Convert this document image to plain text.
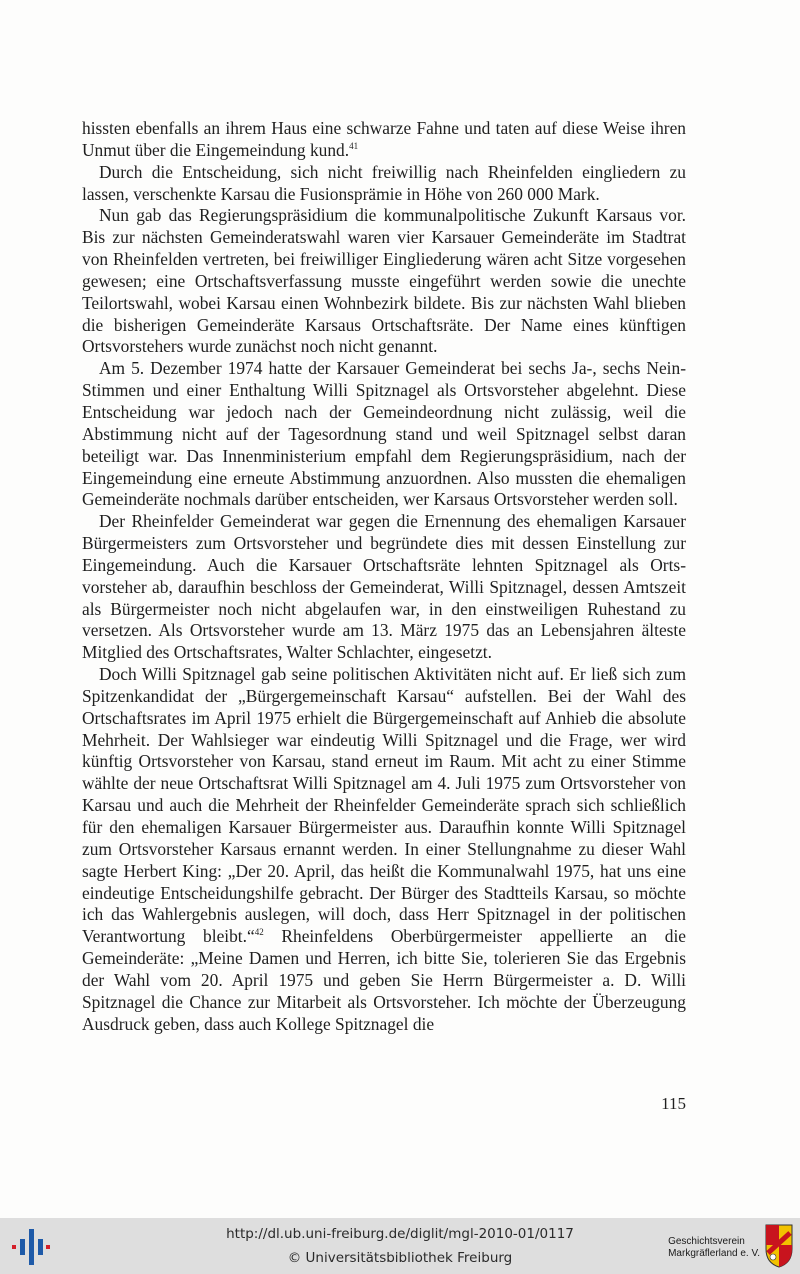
hissten ebenfalls an ihrem Haus eine schwarze Fahne und taten auf diese Weise ihren Unmut über die Eingemeindung kund.$^{41}$

Durch die Entscheidung, sich nicht freiwillig nach Rheinfelden eingliedern zu lassen, verschenkte Karsau die Fusionsprämie in Höhe von 260 000 Mark.

Nun gab das Regierungspräsidium die kommunalpolitische Zukunft Karsaus vor. Bis zur nächsten Gemeinderatswahl waren vier Karsauer Gemeinderäte im Stadtrat von Rheinfelden vertreten, bei freiwilliger Eingliederung wären acht Sitze vorgesehen gewesen; eine Ortschaftsverfassung musste eingeführt werden sowie die unechte Teilortswahl, wobei Karsau einen Wohnbezirk bildete. Bis zur nächsten Wahl blieben die bisherigen Gemeinderäte Karsaus Ortschaftsräte. Der Name eines künftigen Ortsvorstehers wurde zunächst noch nicht genannt.

Am 5. Dezember 1974 hatte der Karsauer Gemeinderat bei sechs Ja-, sechs Nein-Stimmen und einer Enthaltung Willi Spitznagel als Ortsvorsteher abgelehnt. Diese Entscheidung war jedoch nach der Gemeindeordnung nicht zulässig, weil die Abstimmung nicht auf der Tagesordnung stand und weil Spitznagel selbst daran beteiligt war. Das Innenministerium empfahl dem Regierungspräsidium, nach der Eingemeindung eine erneute Abstimmung anzuordnen. Also mussten die ehemaligen Gemeinderäte nochmals darüber entscheiden, wer Karsaus Ortsvorsteher werden soll.

Der Rheinfelder Gemeinderat war gegen die Ernennung des ehemaligen Karsauer Bürgermeisters zum Ortsvorsteher und begründete dies mit dessen Einstellung zur Eingemeindung. Auch die Karsauer Ortschaftsräte lehnten Spitznagel als Ortsvorsteher ab, daraufhin beschloss der Gemeinderat, Willi Spitznagel, dessen Amtszeit als Bürgermeister noch nicht abgelaufen war, in den einstweiligen Ruhestand zu versetzen. Als Ortsvorsteher wurde am 13. März 1975 das an Lebensjahren älteste Mitglied des Ortschaftsrates, Walter Schlachter, eingesetzt.

Doch Willi Spitznagel gab seine politischen Aktivitäten nicht auf. Er ließ sich zum Spitzenkandidat der „Bürgergemeinschaft Karsau“ aufstellen. Bei der Wahl des Ortschaftsrates im April 1975 erhielt die Bürgergemeinschaft auf Anhieb die absolute Mehrheit. Der Wahlsieger war eindeutig Willi Spitznagel und die Frage, wer wird künftig Ortsvorsteher von Karsau, stand erneut im Raum. Mit acht zu einer Stimme wählte der neue Ortschaftsrat Willi Spitznagel am 4. Juli 1975 zum Ortsvorsteher von Karsau und auch die Mehrheit der Rheinfelder Gemeinderäte sprach sich schließlich für den ehemaligen Karsauer Bürgermeister aus. Daraufhin konnte Willi Spitznagel zum Ortsvorsteher Karsaus ernannt werden. In einer Stellungnahme zu dieser Wahl sagte Herbert King: „Der 20. April, das heißt die Kommunalwahl 1975, hat uns eine eindeutige Entscheidungshilfe gebracht. Der Bürger des Stadtteils Karsau, so möchte ich das Wahlergebnis auslegen, will doch, dass Herr Spitznagel in der politischen Verantwortung bleibt.“$^{42}$ Rheinfeldens Oberbürgermeister appellierte an die Gemeinderäte: „Meine Damen und Herren, ich bitte Sie, tolerieren Sie das Ergebnis der Wahl vom 20. April 1975 und geben Sie Herrn Bürgermeister a. D. Willi Spitznagel die Chance zur Mitarbeit als Ortsvorsteher. Ich möchte der Überzeugung Ausdruck geben, dass auch Kollege Spitznagel die

115
http://dl.ub.uni-freiburg.de/diglit/mgl-2010-01/0117
© Universitätsbibliothek Freiburg
Geschichtsverein
Markgräflerland e. V.
